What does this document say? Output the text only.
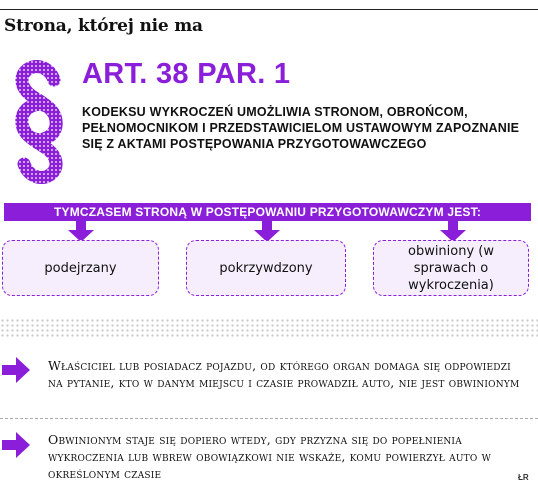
Strona, której nie ma
ART. 38 PAR. 1
KODEKSU WYKROCZEŃ UMOŻLIWIA STRONOM, OBROŃCOM, PEŁNOMOCNIKOM I PRZEDSTAWICIELOM USTAWOWYM ZAPOZNANIE SIĘ Z AKTAMI POSTĘPOWANIA PRZYGOTOWAWCZEGO
TYMCZASEM STRONĄ W POSTĘPOWANIU PRZYGOTOWAWCZYM JEST:
podejrzany	pokrzywdzony
obwiniony (w sprawach o wykroczenia)
Właściciel lub posiadacz pojazdu, od którego organ domaga się odpowiedzi na pytanie, kto w danym miejscu i czasie prowadził auto, nie jest obwinionym
Obwinionym staje się dopiero wtedy, gdy przyzna się do popełnienia wykroczenia lub wbrew obowiązkowi nie wskaże, komu powierzył auto w określonym czasie	ŁR
